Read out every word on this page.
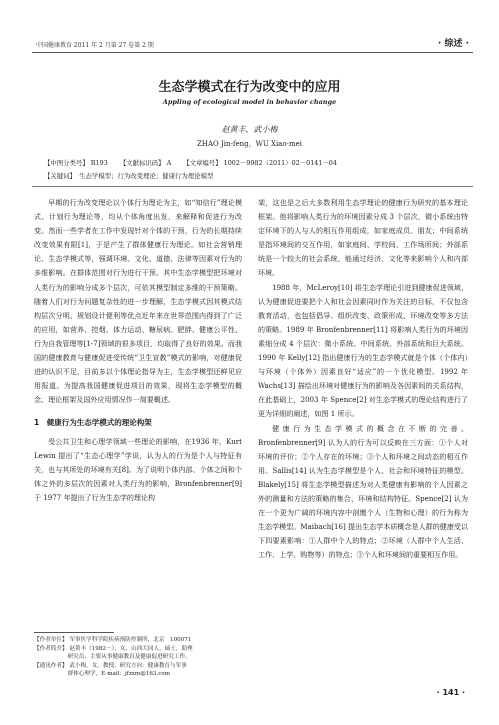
中国健康教育 2011 年 2 月第 27 卷第 2 期	· 综述 ·
生态学模式在行为改变中的应用
Appling of ecological model in behavior change
赵黄丰，武小梅
ZHAO Jin-feng，WU Xiao-mei
【中图分类号】 R193 【文献标识码】 A 【文章编号】 1002－9982（2011）02－0141－04
【关键词】　生态学模型；行为改变理论；健康行为理论模型

早期的行为改变理论以个体行为理论为主，如“知信行”理论模式、计划行为理论等，均从个体角度出发，来解释和促进行为改变。然而一些学者在工作中发现针对个体的干预，行为的长期持续改变效果有限[1]，于是产生了群体健康行为理论。如社会营销理论、生态学模式等，强调环境、文化、道德、法律等因素对行为的多维影响。在群体范围对行为进行干预。其中生态学模型把环境对人类行为的影响分成多个层次，可依其模型制定多维的干预策略。随着人们对行为问题复杂性的进一步理解，生态学模式因其模式结构层次分明、规划设计便利等优点近年来在世界范围内得到了广泛的应用，如营养、控烟、体力运动、糖尿病、肥胖、健康公平性、行为自我管理等[1-7]领域的很多项目，均取得了良好的效果。而我国的健康教育与健康促进受传统“卫生宣教”模式的影响，对健康促进的认识不足，目前多以个体理论指导为主，生态学模型还鲜见应用报道。为提高我国健康促进项目的效果，现将生态学模型的概念、理论框架及国外应用情况作一简要概述。

1　健康行为生态学模式的理论构架

受公共卫生和心理学领域一些理论的影响，在1936 年，Kurt Lewin 提出了“生态心理学”学说，认为人的行为是个人与特征有关，也与其所处的环境有关[8]。为了说明个体内部、个体之间和个体之外的多层次的因素对人类行为的影响，Bronfenbrenner[9] 于 1977 年提出了行为生态学的理论构

架，这也是之后大多数利用生态学理论的健康行为研究的基本理论框架。他将影响人类行为的环境因素分成 3 个层次，微小系统由特定环境下的人与人的相互作用组成，如家庭成员、朋友；中间系统是指环境间的交互作用，如家庭间、学校间、工作场所间；外部系统是一个较大的社会系统，能通过经济、文化等来影响个人和内部环境。

1988 年，McLeroy[10] 将生态学理论引进到健康促进领域，认为健康促进要把个人和社会因素同时作为关注的目标，不仅包含教育活动，也包括倡导、组织改变、政策形成、环境改变等多方法的策略。1989 年 Bronfenbrenner[11] 将影响人类行为的环境因素细分成 4 个层次：微小系统、中间系统、外部系统和巨大系统。1990 年 Kelly[12] 指出健康行为的生态学模式就是个体（个体内）与环境（个体外）因素良好“适应”的一个优化模型。1992 年 Wachs[13] 描绘出环境对健康行为的影响及各因素间的关系结构，在此基础上，2003 年 Spence[2] 对生态学模式的理论结构进行了更为详细的阐述，如图 1 所示。

健康行为生态学模式的概念在不断的完善。Bronfenbrenner[9] 认为人的行为可以反映在三方面：①个人对环境的评价；②个人存在的环境；③个人和环境之间动态的相互作用。Sallis[14] 认为生态学模型是个人、社会和环境特征的模型。Blakely[15] 将生态学模型描述为对人类健康有影响的个人因素之外的测量和方法的策略的集合、环境和结构特征。Spence[2] 认为在一个更为广阔的环境内容中剖缴个人（生物和心理）的行为称为生态学模型。Maibach[16] 提出生态学本质概念是人群的健康受以下四要素影响：①人群中个人的特点；②环境（人群中个人生活、工作、上学、购物等）的特点；③个人和环境间的重要相互作用。

【作者单位】 军事医学科学院疾病预防控制所，北京　100071
【作者简介】 赵黄丰（1982－），女，山西大同人，硕士，助理
　　　　　　研究员，主要从事健康教育及健康促进研究工作。
【通讯作者】 武小梅，女，教授，研究方向：健康教育与军事
　　　　　　群体心理学，E-mail：jfzxm@163.com
· 141 ·
